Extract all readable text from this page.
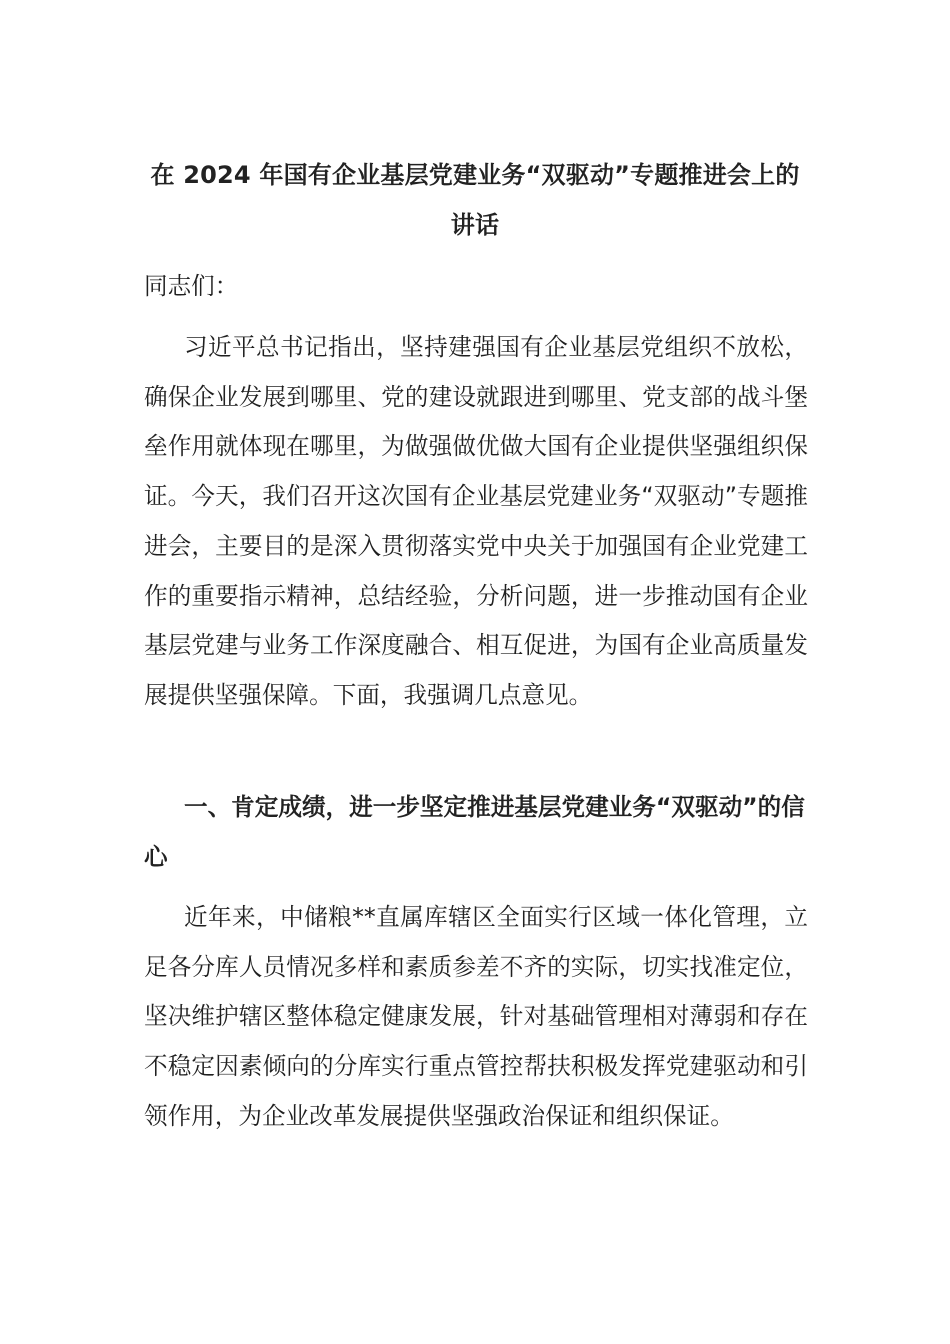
在 2024 年国有企业基层党建业务“双驱动”专题推进会上的讲话

同志们：

习近平总书记指出，坚持建强国有企业基层党组织不放松，确保企业发展到哪里、党的建设就跟进到哪里、党支部的战斗堡垒作用就体现在哪里，为做强做优做大国有企业提供坚强组织保证。今天，我们召开这次国有企业基层党建业务“双驱动”专题推进会，主要目的是深入贯彻落实党中央关于加强国有企业党建工作的重要指示精神，总结经验，分析问题，进一步推动国有企业基层党建与业务工作深度融合、相互促进，为国有企业高质量发展提供坚强保障。下面，我强调几点意见。

一、肯定成绩，进一步坚定推进基层党建业务“双驱动”的信心

近年来，中储粮**直属库辖区全面实行区域一体化管理，立足各分库人员情况多样和素质参差不齐的实际，切实找准定位，坚决维护辖区整体稳定健康发展，针对基础管理相对薄弱和存在不稳定因素倾向的分库实行重点管控帮扶积极发挥党建驱动和引领作用，为企业改革发展提供坚强政治保证和组织保证。
